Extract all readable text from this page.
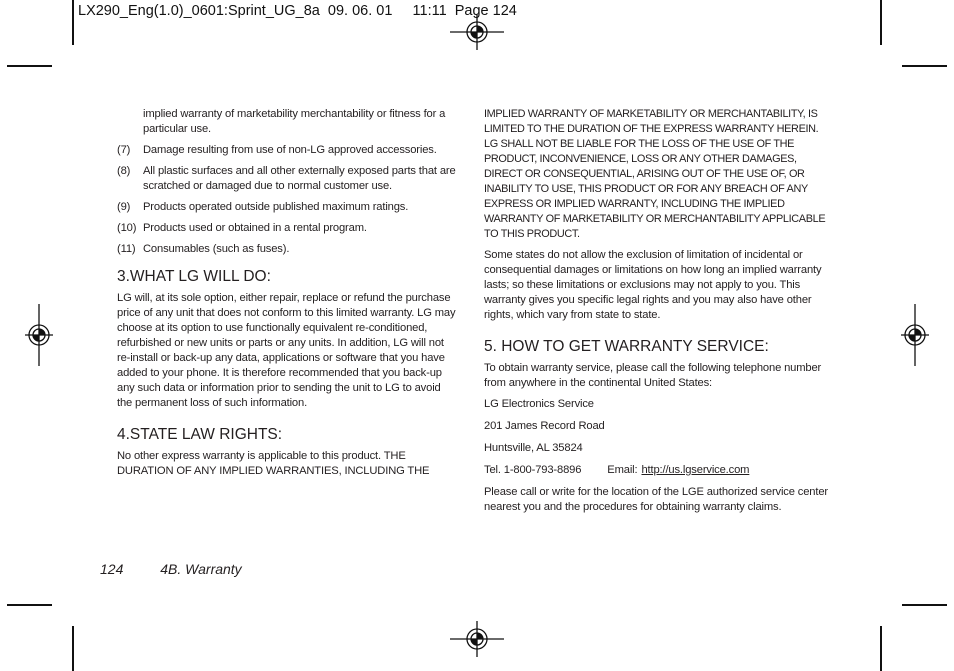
LX290_Eng(1.0)_0601:Sprint_UG_8a  09. 06. 01     11:11  Page 124

implied warranty of marketability merchantability or fitness for a particular use.

(7)	Damage resulting from use of non-LG approved accessories.
(8)	All plastic surfaces and all other externally exposed parts that are scratched or damaged due to normal customer use.
(9)	Products operated outside published maximum ratings.
(10) Products used or obtained in a rental program.
(11) Consumables (such as fuses).
3.WHAT LG WILL DO:

LG will, at its sole option, either repair, replace or refund the purchase price of any unit that does not conform to this limited warranty. LG may choose at its option to use functionally equivalent re-conditioned, refurbished or new units or parts or any units. In addition, LG will not re-install or back-up any data, applications or software that you have added to your phone. It is therefore recommended that you back-up any such data or information prior to sending the unit to LG to avoid the permanent loss of such information.

4.STATE LAW RIGHTS:

No other express warranty is applicable to this product. THE DURATION OF ANY IMPLIED WARRANTIES, INCLUDING THE

IMPLIED WARRANTY OF MARKETABILITY OR MERCHANTABILITY, IS LIMITED TO THE DURATION OF THE EXPRESS WARRANTY HEREIN. LG SHALL NOT BE LIABLE FOR THE LOSS OF THE USE OF THE PRODUCT, INCONVENIENCE, LOSS OR ANY OTHER DAMAGES, DIRECT OR CONSEQUENTIAL, ARISING OUT OF THE USE OF, OR INABILITY TO USE, THIS PRODUCT OR FOR ANY BREACH OF ANY EXPRESS OR IMPLIED WARRANTY, INCLUDING THE IMPLIED WARRANTY OF MARKETABILITY OR MERCHANTABILITY APPLICABLE TO THIS PRODUCT.

Some states do not allow the exclusion of limitation of incidental or consequential damages or limitations on how long an implied warranty lasts; so these limitations or exclusions may not apply to you. This warranty gives you specific legal rights and you may also have other rights, which vary from state to state.

5. HOW TO GET WARRANTY SERVICE:

To obtain warranty service, please call the following telephone number from anywhere in the continental United States:

LG Electronics Service

201 James Record Road

Huntsville, AL 35824

Tel. 1-800-793-8896 Email: http://us.lgservice.com

Please call or write for the location of the LGE authorized service center nearest you and the procedures for obtaining warranty claims.

124	4B. Warranty
